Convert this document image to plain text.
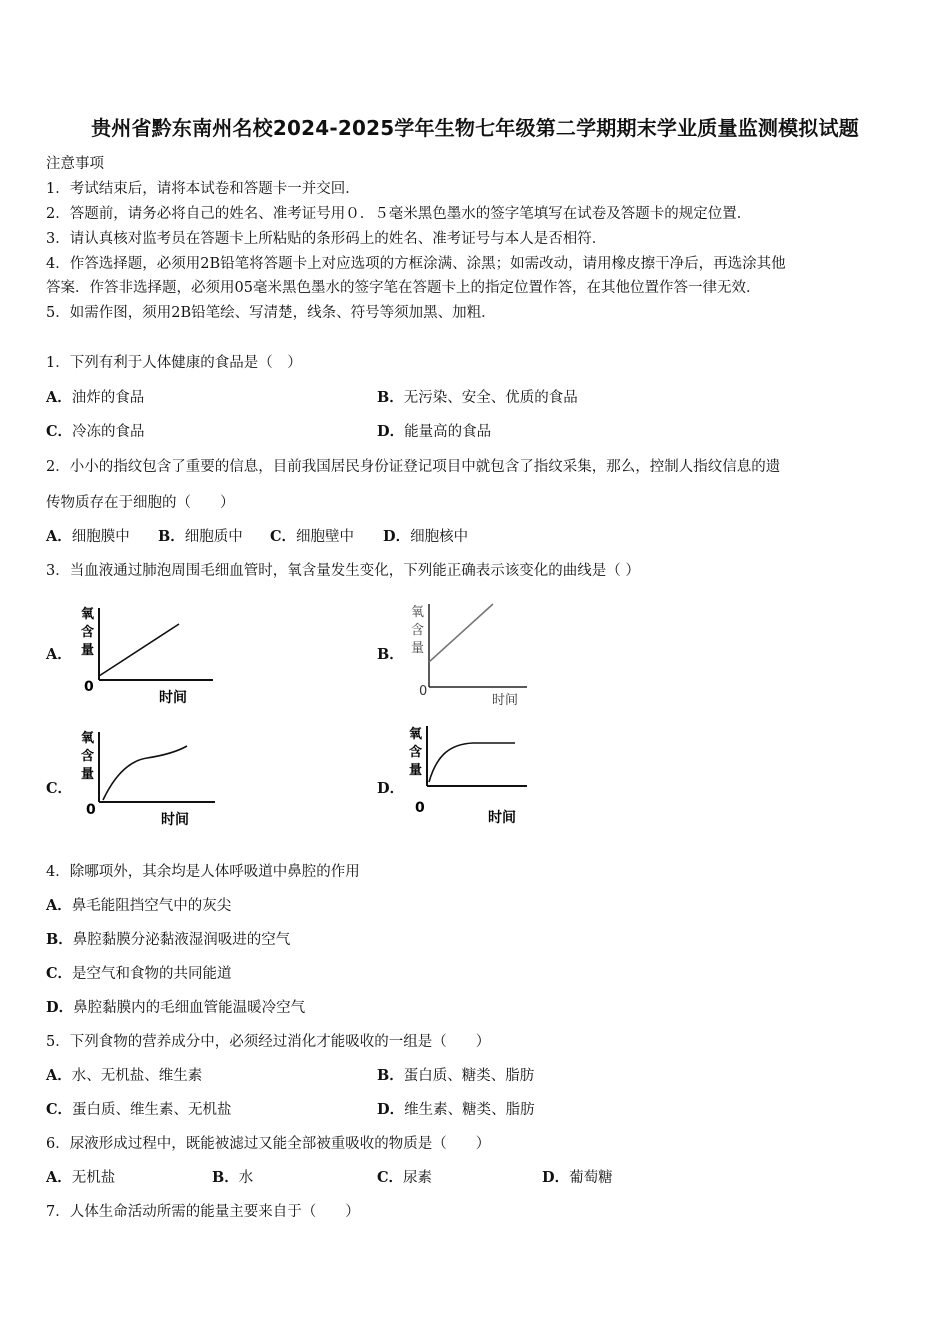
贵州省黔东南州名校2024-2025学年生物七年级第二学期期末学业质量监测模拟试题
注意事项
1．考试结束后，请将本试卷和答题卡一并交回．
2．答题前，请务必将自己的姓名、准考证号用０．５毫米黑色墨水的签字笔填写在试卷及答题卡的规定位置．
3．请认真核对监考员在答题卡上所粘贴的条形码上的姓名、准考证号与本人是否相符．
4．作答选择题，必须用2B铅笔将答题卡上对应选项的方框涂满、涂黑；如需改动，请用橡皮擦干净后，再选涂其他
答案．作答非选择题，必须用05毫米黑色墨水的签字笔在答题卡上的指定位置作答，在其他位置作答一律无效．
5．如需作图，须用2B铅笔绘、写清楚，线条、符号等须加黑、加粗．
1．下列有利于人体健康的食品是（　）
A．油炸的食品	B．无污染、安全、优质的食品
C．冷冻的食品	D．能量高的食品
2．小小的指纹包含了重要的信息，目前我国居民身份证登记项目中就包含了指纹采集，那么，控制人指纹信息的遗
传物质存在于细胞的（　　）
A．细胞膜中 B．细胞质中 C．细胞壁中 D．细胞核中
3．当血液通过肺泡周围毛细血管时，氧含量发生变化，下列能正确表示该变化的曲线是（ ）
A．
氧
含
量
0
时间
B．
氧
含
量
0
时间
C．
氧
含
量
0
时间
D．
氧
含
量
0
时间
4．除哪项外，其余均是人体呼吸道中鼻腔的作用
A．鼻毛能阻挡空气中的灰尖
B．鼻腔黏膜分泌黏液湿润吸进的空气
C．是空气和食物的共同能道
D．鼻腔黏膜内的毛细血管能温暖冷空气
5．下列食物的营养成分中，必须经过消化才能吸收的一组是（　　）
A．水、无机盐、维生素	B．蛋白质、糖类、脂肪
C．蛋白质、维生素、无机盐	D．维生素、糖类、脂肪
6．尿液形成过程中，既能被滤过又能全部被重吸收的物质是（　　）
A．无机盐	B．水	C．尿素	D．葡萄糖
7．人体生命活动所需的能量主要来自于（　　）
